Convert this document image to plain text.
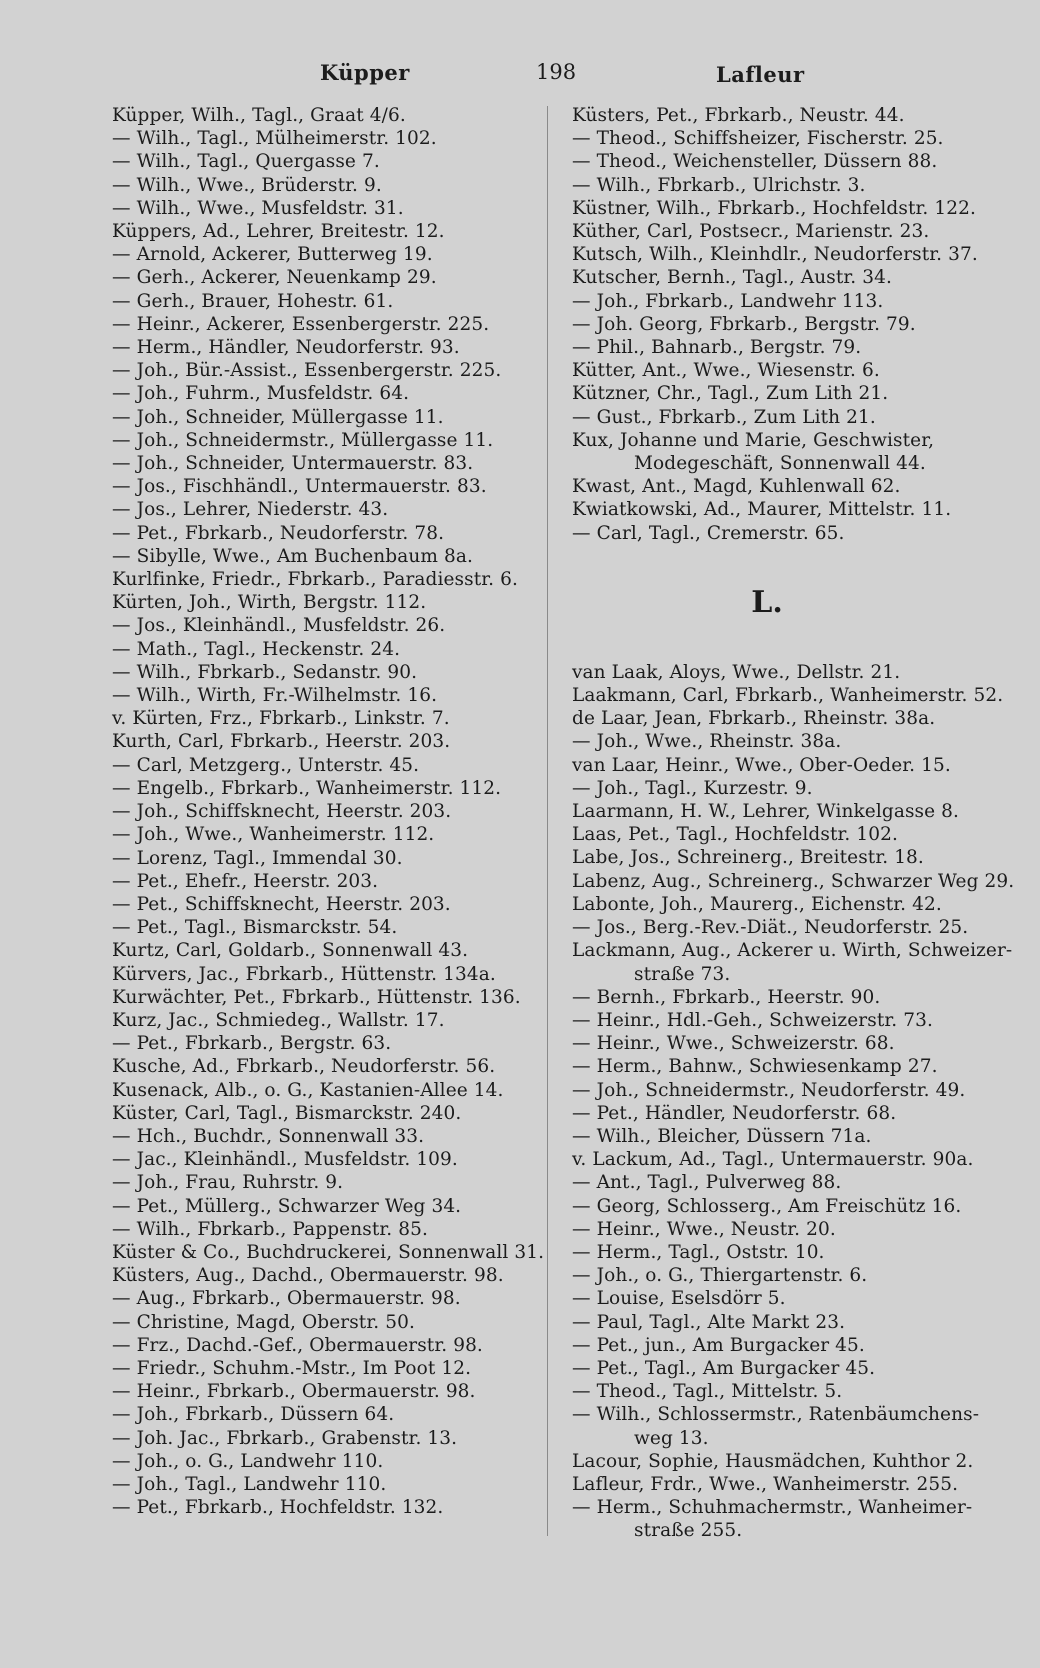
Küpper	198	Lafleur
Küpper, Wilh., Tagl., Graat 4/6.
— Wilh., Tagl., Mülheimerstr. 102.
— Wilh., Tagl., Quergasse 7.
— Wilh., Wwe., Brüderstr. 9.
— Wilh., Wwe., Musfeldstr. 31.
Küppers, Ad., Lehrer, Breitestr. 12.
— Arnold, Ackerer, Butterweg 19.
— Gerh., Ackerer, Neuenkamp 29.
— Gerh., Brauer, Hohestr. 61.
— Heinr., Ackerer, Essenbergerstr. 225.
— Herm., Händler, Neudorferstr. 93.
— Joh., Bür.-Assist., Essenbergerstr. 225.
— Joh., Fuhrm., Musfeldstr. 64.
— Joh., Schneider, Müllergasse 11.
— Joh., Schneidermstr., Müllergasse 11.
— Joh., Schneider, Untermauerstr. 83.
— Jos., Fischhändl., Untermauerstr. 83.
— Jos., Lehrer, Niederstr. 43.
— Pet., Fbrkarb., Neudorferstr. 78.
— Sibylle, Wwe., Am Buchenbaum 8a.
Kurlfinke, Friedr., Fbrkarb., Paradiesstr. 6.
Kürten, Joh., Wirth, Bergstr. 112.
— Jos., Kleinhändl., Musfeldstr. 26.
— Math., Tagl., Heckenstr. 24.
— Wilh., Fbrkarb., Sedanstr. 90.
— Wilh., Wirth, Fr.-Wilhelmstr. 16.
v. Kürten, Frz., Fbrkarb., Linkstr. 7.
Kurth, Carl, Fbrkarb., Heerstr. 203.
— Carl, Metzgerg., Unterstr. 45.
— Engelb., Fbrkarb., Wanheimerstr. 112.
— Joh., Schiffsknecht, Heerstr. 203.
— Joh., Wwe., Wanheimerstr. 112.
— Lorenz, Tagl., Immendal 30.
— Pet., Ehefr., Heerstr. 203.
— Pet., Schiffsknecht, Heerstr. 203.
— Pet., Tagl., Bismarckstr. 54.
Kurtz, Carl, Goldarb., Sonnenwall 43.
Kürvers, Jac., Fbrkarb., Hüttenstr. 134a.
Kurwächter, Pet., Fbrkarb., Hüttenstr. 136.
Kurz, Jac., Schmiedeg., Wallstr. 17.
— Pet., Fbrkarb., Bergstr. 63.
Kusche, Ad., Fbrkarb., Neudorferstr. 56.
Kusenack, Alb., o. G., Kastanien-Allee 14.
Küster, Carl, Tagl., Bismarckstr. 240.
— Hch., Buchdr., Sonnenwall 33.
— Jac., Kleinhändl., Musfeldstr. 109.
— Joh., Frau, Ruhrstr. 9.
— Pet., Müllerg., Schwarzer Weg 34.
— Wilh., Fbrkarb., Pappenstr. 85.
Küster & Co., Buchdruckerei, Sonnenwall 31.
Küsters, Aug., Dachd., Obermauerstr. 98.
— Aug., Fbrkarb., Obermauerstr. 98.
— Christine, Magd, Oberstr. 50.
— Frz., Dachd.-Gef., Obermauerstr. 98.
— Friedr., Schuhm.-Mstr., Im Poot 12.
— Heinr., Fbrkarb., Obermauerstr. 98.
— Joh., Fbrkarb., Düssern 64.
— Joh. Jac., Fbrkarb., Grabenstr. 13.
— Joh., o. G., Landwehr 110.
— Joh., Tagl., Landwehr 110.
— Pet., Fbrkarb., Hochfeldstr. 132.
Küsters, Pet., Fbrkarb., Neustr. 44.
— Theod., Schiffsheizer, Fischerstr. 25.
— Theod., Weichensteller, Düssern 88.
— Wilh., Fbrkarb., Ulrichstr. 3.
Küstner, Wilh., Fbrkarb., Hochfeldstr. 122.
Küther, Carl, Postsecr., Marienstr. 23.
Kutsch, Wilh., Kleinhdlr., Neudorferstr. 37.
Kutscher, Bernh., Tagl., Austr. 34.
— Joh., Fbrkarb., Landwehr 113.
— Joh. Georg, Fbrkarb., Bergstr. 79.
— Phil., Bahnarb., Bergstr. 79.
Kütter, Ant., Wwe., Wiesenstr. 6.
Kützner, Chr., Tagl., Zum Lith 21.
— Gust., Fbrkarb., Zum Lith 21.
Kux, Johanne und Marie, Geschwister,
Modegeschäft, Sonnenwall 44.
Kwast, Ant., Magd, Kuhlenwall 62.
Kwiatkowski, Ad., Maurer, Mittelstr. 11.
— Carl, Tagl., Cremerstr. 65.
L.
van Laak, Aloys, Wwe., Dellstr. 21.
Laakmann, Carl, Fbrkarb., Wanheimerstr. 52.
de Laar, Jean, Fbrkarb., Rheinstr. 38a.
— Joh., Wwe., Rheinstr. 38a.
van Laar, Heinr., Wwe., Ober-Oeder. 15.
— Joh., Tagl., Kurzestr. 9.
Laarmann, H. W., Lehrer, Winkelgasse 8.
Laas, Pet., Tagl., Hochfeldstr. 102.
Labe, Jos., Schreinerg., Breitestr. 18.
Labenz, Aug., Schreinerg., Schwarzer Weg 29.
Labonte, Joh., Maurerg., Eichenstr. 42.
— Jos., Berg.-Rev.-Diät., Neudorferstr. 25.
Lackmann, Aug., Ackerer u. Wirth, Schweizer-
straße 73.
— Bernh., Fbrkarb., Heerstr. 90.
— Heinr., Hdl.-Geh., Schweizerstr. 73.
— Heinr., Wwe., Schweizerstr. 68.
— Herm., Bahnw., Schwiesenkamp 27.
— Joh., Schneidermstr., Neudorferstr. 49.
— Pet., Händler, Neudorferstr. 68.
— Wilh., Bleicher, Düssern 71a.
v. Lackum, Ad., Tagl., Untermauerstr. 90a.
— Ant., Tagl., Pulverweg 88.
— Georg, Schlosserg., Am Freischütz 16.
— Heinr., Wwe., Neustr. 20.
— Herm., Tagl., Oststr. 10.
— Joh., o. G., Thiergartenstr. 6.
— Louise, Eselsdörr 5.
— Paul, Tagl., Alte Markt 23.
— Pet., jun., Am Burgacker 45.
— Pet., Tagl., Am Burgacker 45.
— Theod., Tagl., Mittelstr. 5.
— Wilh., Schlossermstr., Ratenbäumchens-
weg 13.
Lacour, Sophie, Hausmädchen, Kuhthor 2.
Lafleur, Frdr., Wwe., Wanheimerstr. 255.
— Herm., Schuhmachermstr., Wanheimer-
straße 255.
